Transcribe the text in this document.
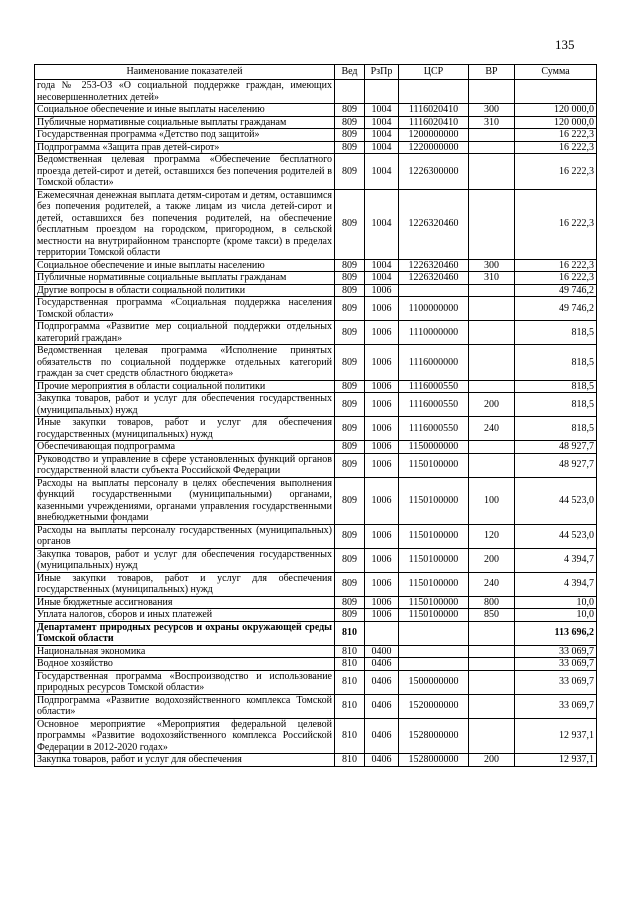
135
Наименование показателей	Вед	РзПр	ЦСР	ВР	Сумма
года № 253-ОЗ «О социальной поддержке граждан, имеющих несовершеннолетних детей»					
Социальное обеспечение и иные выплаты населению	809	1004	1116020410	300	120 000,0
Публичные нормативные социальные выплаты гражданам	809	1004	1116020410	310	120 000,0
Государственная программа «Детство под защитой»	809	1004	1200000000		16 222,3
Подпрограмма «Защита прав детей-сирот»	809	1004	1220000000		16 222,3
Ведомственная целевая программа «Обеспечение бесплатного проезда детей-сирот и детей, оставшихся без попечения родителей в Томской области»	809	1004	1226300000		16 222,3
Ежемесячная денежная выплата детям-сиротам и детям, оставшимся без попечения родителей, а также лицам из числа детей-сирот и детей, оставшихся без попечения родителей, на обеспечение бесплатным проездом на городском, пригородном, в сельской местности на внутрирайонном транспорте (кроме такси) в пределах территории Томской области	809	1004	1226320460		16 222,3
Социальное обеспечение и иные выплаты населению	809	1004	1226320460	300	16 222,3
Публичные нормативные социальные выплаты гражданам	809	1004	1226320460	310	16 222,3
Другие вопросы в области социальной политики	809	1006			49 746,2
Государственная программа «Социальная поддержка населения Томской области»	809	1006	1100000000		49 746,2
Подпрограмма «Развитие мер социальной поддержки отдельных категорий граждан»	809	1006	1110000000		818,5
Ведомственная целевая программа «Исполнение принятых обязательств по социальной поддержке отдельных категорий граждан за счет средств областного бюджета»	809	1006	1116000000		818,5
Прочие мероприятия в области социальной политики	809	1006	1116000550		818,5
Закупка товаров, работ и услуг для обеспечения государственных (муниципальных) нужд	809	1006	1116000550	200	818,5
Иные закупки товаров, работ и услуг для обеспечения государственных (муниципальных) нужд	809	1006	1116000550	240	818,5
Обеспечивающая подпрограмма	809	1006	1150000000		48 927,7
Руководство и управление в сфере установленных функций органов государственной власти субъекта Российской Федерации	809	1006	1150100000		48 927,7
Расходы на выплаты персоналу в целях обеспечения выполнения функций государственными (муниципальными) органами, казенными учреждениями, органами управления государственными внебюджетными фондами	809	1006	1150100000	100	44 523,0
Расходы на выплаты персоналу государственных (муниципальных) органов	809	1006	1150100000	120	44 523,0
Закупка товаров, работ и услуг для обеспечения государственных (муниципальных) нужд	809	1006	1150100000	200	4 394,7
Иные закупки товаров, работ и услуг для обеспечения государственных (муниципальных) нужд	809	1006	1150100000	240	4 394,7
Иные бюджетные ассигнования	809	1006	1150100000	800	10,0
Уплата налогов, сборов и иных платежей	809	1006	1150100000	850	10,0
Департамент природных ресурсов и охраны окружающей среды Томской области	810				113 696,2
Национальная экономика	810	0400			33 069,7
Водное хозяйство	810	0406			33 069,7
Государственная программа «Воспроизводство и использование природных ресурсов Томской области»	810	0406	1500000000		33 069,7
Подпрограмма «Развитие водохозяйственного комплекса Томской области»	810	0406	1520000000		33 069,7
Основное мероприятие «Мероприятия федеральной целевой программы «Развитие водохозяйственного комплекса Российской Федерации в 2012-2020 годах»	810	0406	1528000000		12 937,1
Закупка товаров, работ и услуг для обеспечения	810	0406	1528000000	200	12 937,1
